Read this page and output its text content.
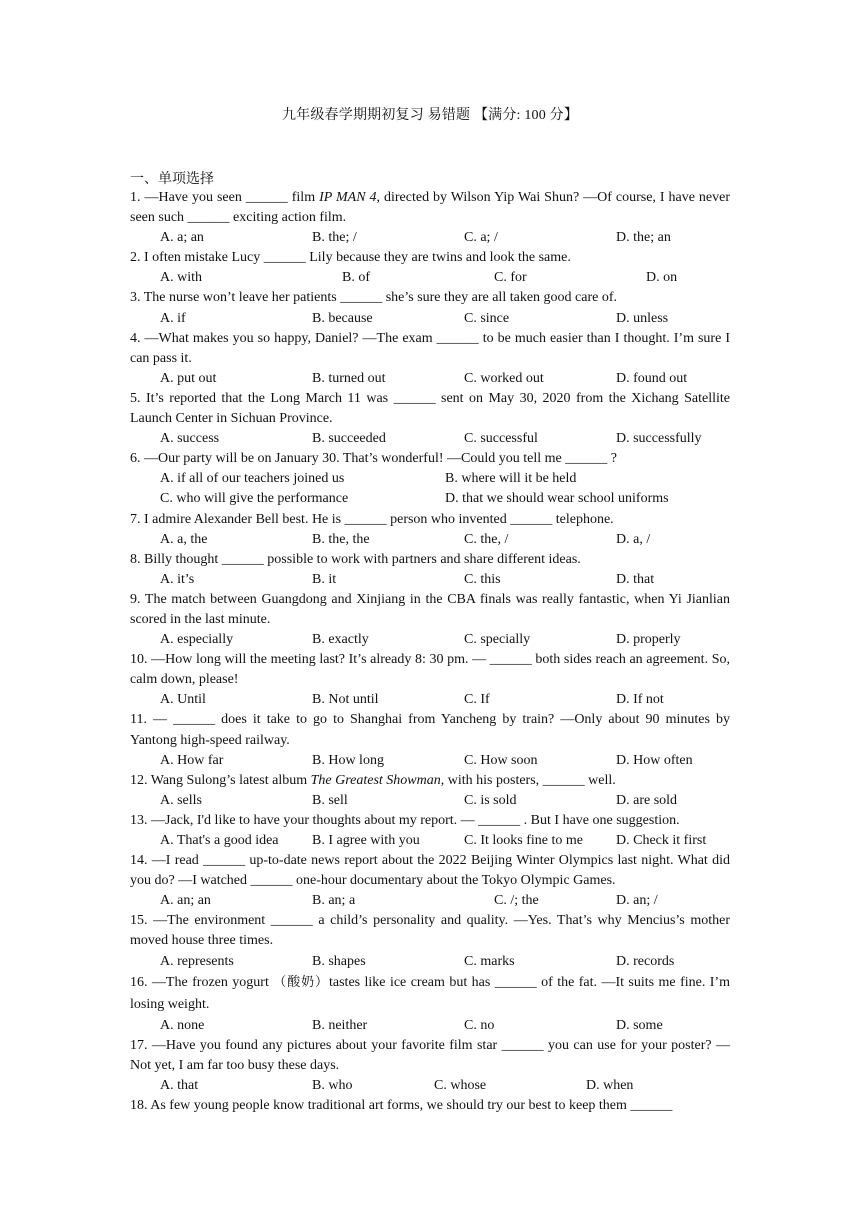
九年级春学期期初复习 易错题 【满分: 100 分】
一、单项选择
1. —Have you seen ______ film IP MAN 4, directed by Wilson Yip Wai Shun? —Of course, I have never seen such ______ exciting action film.
A. a; an	B. the; /	C. a; /	D. the; an
2. I often mistake Lucy ______ Lily because they are twins and look the same.
A. with	B. of	C. for	D. on
3. The nurse won’t leave her patients ______ she’s sure they are all taken good care of.
A. if	B. because	C. since	D. unless
4. —What makes you so happy, Daniel? —The exam ______ to be much easier than I thought. I’m sure I can pass it.
A. put out	B. turned out	C. worked out	D. found out
5. It’s reported that the Long March 11 was ______ sent on May 30, 2020 from the Xichang Satellite Launch Center in Sichuan Province.
A. success	B. succeeded	C. successful	D. successfully
6. —Our party will be on January 30. That’s wonderful! —Could you tell me ______ ?
A. if all of our teachers joined us	B. where will it be held
C. who will give the performance	D. that we should wear school uniforms
7. I admire Alexander Bell best. He is ______ person who invented ______ telephone.
A. a, the	B. the, the	C. the, /	D. a, /
8. Billy thought ______ possible to work with partners and share different ideas.
A. it’s	B. it	C. this	D. that
9. The match between Guangdong and Xinjiang in the CBA finals was really fantastic, when Yi Jianlian scored in the last minute.
A. especially	B. exactly	C. specially	D. properly
10. —How long will the meeting last? It’s already 8: 30 pm. — ______ both sides reach an agreement. So, calm down, please!
A. Until	B. Not until	C. If	D. If not
11. — ______ does it take to go to Shanghai from Yancheng by train? —Only about 90 minutes by Yantong high-speed railway.
A. How far	B. How long	C. How soon	D. How often
12. Wang Sulong’s latest album The Greatest Showman, with his posters, ______ well.
A. sells	B. sell	C. is sold	D. are sold
13. —Jack, I'd like to have your thoughts about my report. — ______ . But I have one suggestion.
A. That's a good idea	B. I agree with you	C. It looks fine to me	D. Check it first
14. —I read ______ up-to-date news report about the 2022 Beijing Winter Olympics last night. What did you do? —I watched ______ one-hour documentary about the Tokyo Olympic Games.
A. an; an	B. an; a	C. /; the	D. an; /
15. —The environment ______ a child’s personality and quality. —Yes. That’s why Mencius’s mother moved house three times.
A. represents	B. shapes	C. marks	D. records
16. —The frozen yogurt （酸奶）tastes like ice cream but has ______ of the fat. —It suits me fine. I’m losing weight.
A. none	B. neither	C. no	D. some
17. —Have you found any pictures about your favorite film star ______ you can use for your poster? —Not yet, I am far too busy these days.
A. that	B. who	C. whose	D. when
18. As few young people know traditional art forms, we should try our best to keep them ______
